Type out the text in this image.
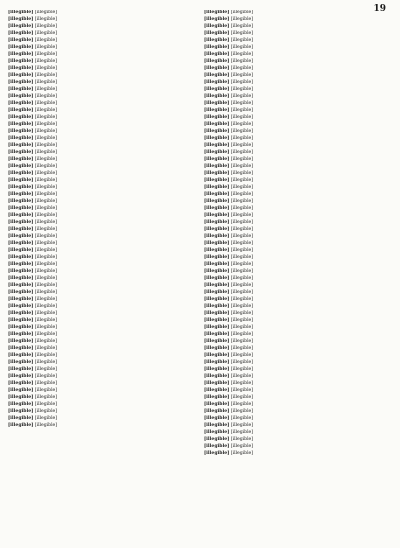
19

[illegible] [illegible]

[illegible] [illegible]

[illegible] [illegible]

[illegible] [illegible]

[illegible] [illegible]

[illegible] [illegible]

[illegible] [illegible]

[illegible] [illegible]

[illegible] [illegible]

[illegible] [illegible]

[illegible] [illegible]

[illegible] [illegible]

[illegible] [illegible]

[illegible] [illegible]

[illegible] [illegible]

[illegible] [illegible]

[illegible] [illegible]

[illegible] [illegible]

[illegible] [illegible]

[illegible] [illegible]

[illegible] [illegible]

[illegible] [illegible]

[illegible] [illegible]

[illegible] [illegible]

[illegible] [illegible]

[illegible] [illegible]

[illegible] [illegible]

[illegible] [illegible]

[illegible] [illegible]

[illegible] [illegible]

[illegible] [illegible]

[illegible] [illegible]

[illegible] [illegible]

[illegible] [illegible]

[illegible] [illegible]

[illegible] [illegible]

[illegible] [illegible]

[illegible] [illegible]

[illegible] [illegible]

[illegible] [illegible]

[illegible] [illegible]

[illegible] [illegible]

[illegible] [illegible]

[illegible] [illegible]

[illegible] [illegible]

[illegible] [illegible]

[illegible] [illegible]

[illegible] [illegible]

[illegible] [illegible]

[illegible] [illegible]

[illegible] [illegible]

[illegible] [illegible]

[illegible] [illegible]

[illegible] [illegible]

[illegible] [illegible]

[illegible] [illegible]

[illegible] [illegible]

[illegible] [illegible]

[illegible] [illegible]

[illegible] [illegible]

[illegible] [illegible]

[illegible] [illegible]

[illegible] [illegible]

[illegible] [illegible]

[illegible] [illegible]

[illegible] [illegible]

[illegible] [illegible]

[illegible] [illegible]

[illegible] [illegible]

[illegible] [illegible]

[illegible] [illegible]

[illegible] [illegible]

[illegible] [illegible]

[illegible] [illegible]

[illegible] [illegible]

[illegible] [illegible]

[illegible] [illegible]

[illegible] [illegible]

[illegible] [illegible]

[illegible] [illegible]

[illegible] [illegible]

[illegible] [illegible]

[illegible] [illegible]

[illegible] [illegible]

[illegible] [illegible]

[illegible] [illegible]

[illegible] [illegible]

[illegible] [illegible]

[illegible] [illegible]

[illegible] [illegible]

[illegible] [illegible]

[illegible] [illegible]

[illegible] [illegible]

[illegible] [illegible]

[illegible] [illegible]

[illegible] [illegible]

[illegible] [illegible]

[illegible] [illegible]

[illegible] [illegible]

[illegible] [illegible]

[illegible] [illegible]

[illegible] [illegible]

[illegible] [illegible]

[illegible] [illegible]

[illegible] [illegible]

[illegible] [illegible]

[illegible] [illegible]

[illegible] [illegible]

[illegible] [illegible]

[illegible] [illegible]

[illegible] [illegible]

[illegible] [illegible]

[illegible] [illegible]

[illegible] [illegible]

[illegible] [illegible]

[illegible] [illegible]

[illegible] [illegible]

[illegible] [illegible]

[illegible] [illegible]

[illegible] [illegible]

[illegible] [illegible]

[illegible] [illegible]

[illegible] [illegible]

[illegible] [illegible]
